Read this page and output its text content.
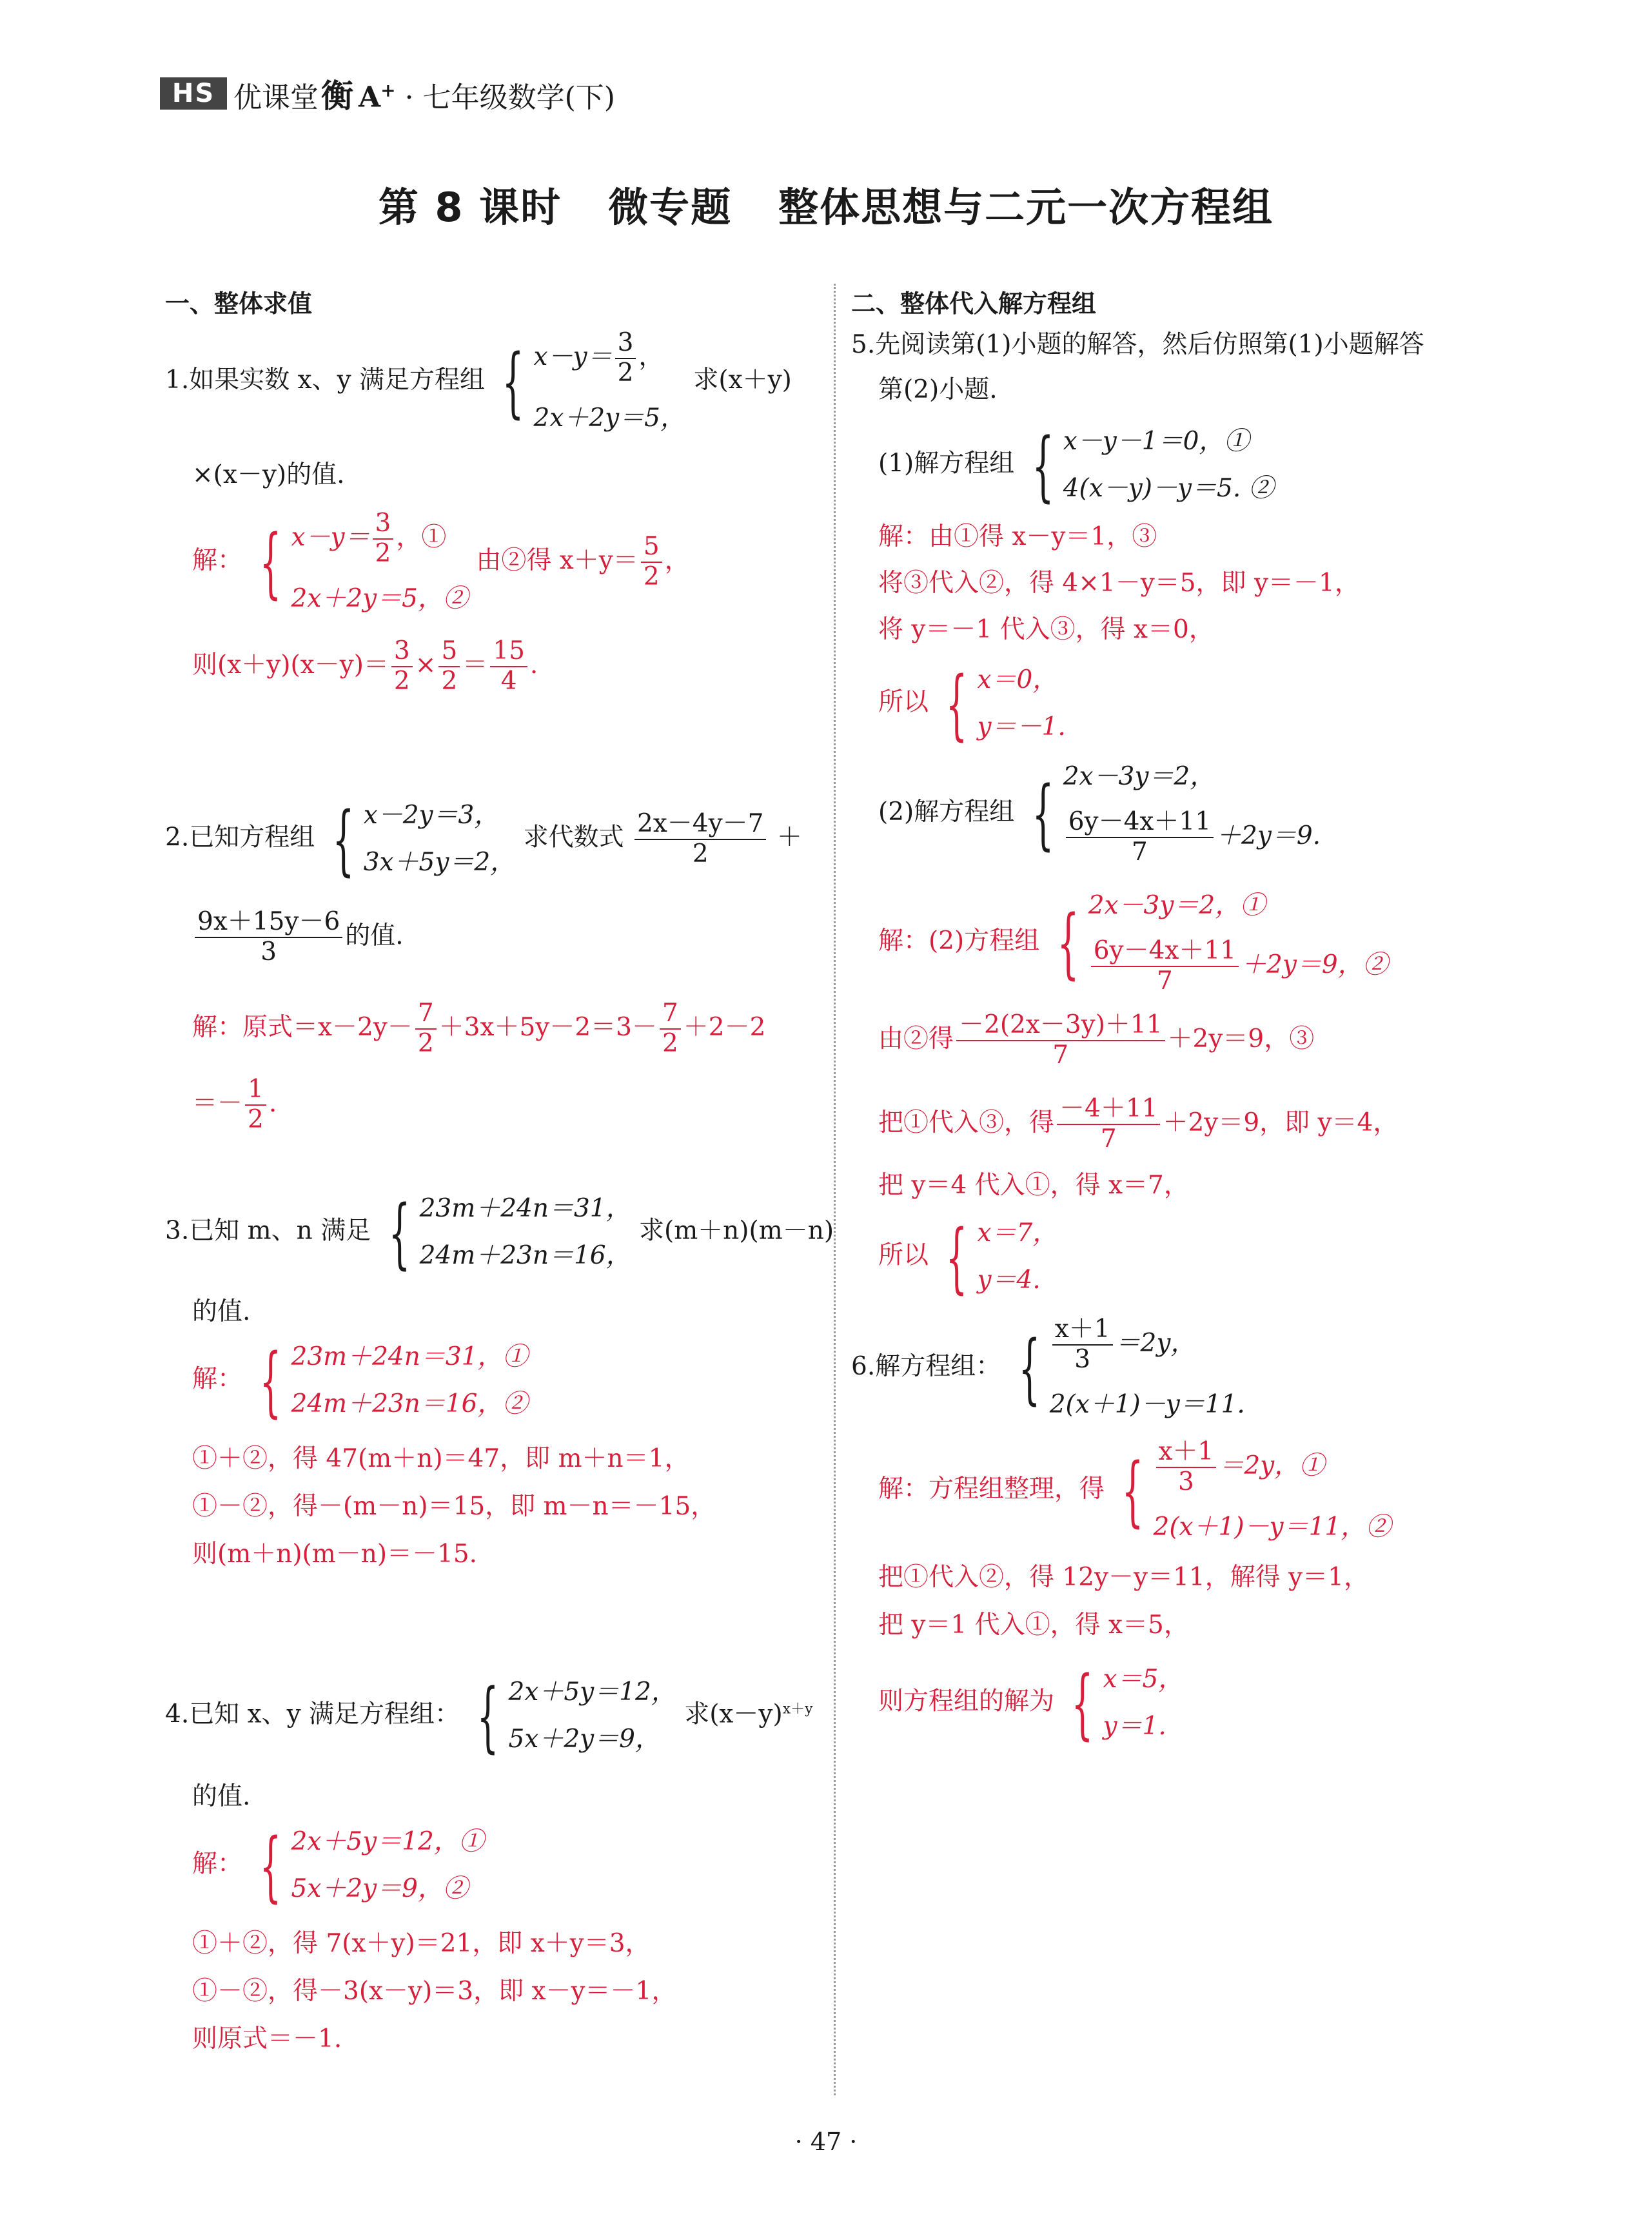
HS 优课堂 衡 A+ · 七年级数学(下)
第 8 课时 微专题 整体思想与二元一次方程组
一、整体求值
1.如果实数 x、y 满足方程组 { $x-y= \frac{3}{2}$ ，
2x＋2y＝5，
求(x＋y)
×(x－y)的值.
解： { $x-y= \frac{3}{2}$ ，①
2x＋2y＝5，②
由②得 $x+y= \frac{5}{2}$ ，
则$(x+y)(x-y)= \frac{3}{2} \times \frac{5}{2} = \frac{15}{4}$ .
2.已知方程组 { x－2y＝3，
3x＋5y＝2，
求代数式 $\frac{2x-4y-7}{2}$ ＋
$\frac{9x+15y-6}{3}$ 的值.
解：原式$=x-2y- \frac{7}{2} +3x+5y-2=3- \frac{7}{2} +2-2$
＝－ $\frac{1}{2}$ .
3.已知 m、n 满足 { 23m＋24n＝31，
24m＋23n＝16，
求(m＋n)(m－n)
的值.
解： { 23m＋24n＝31，①
24m＋23n＝16，②
①＋②，得 47(m＋n)＝47，即 m＋n＝1，
①－②，得－(m－n)＝15，即 m－n＝－15，
则(m＋n)(m－n)＝－15.
4.已知 x、y 满足方程组： { 2x＋5y＝12，
5x＋2y＝9，
求$(x-y)^{x+y}$
的值.
解： { 2x＋5y＝12，①
5x＋2y＝9，②
①＋②，得 7(x＋y)＝21，即 x＋y＝3，
①－②，得－3(x－y)＝3，即 x－y＝－1，
则原式＝－1.
二、整体代入解方程组
5.先阅读第(1)小题的解答，然后仿照第(1)小题解答
第(2)小题.
(1)解方程组 { x－y－1＝0，①
4(x－y)－y＝5. ②
解：由①得 x－y＝1，③
将③代入②，得 4×1－y＝5，即 y＝－1，
将 y＝－1 代入③，得 x＝0，
所以 { x＝0，
y＝－1.
(2)解方程组 { 2x－3y＝2，
$\frac{6y-4x+11}{7} +2y=9$.
解：(2)方程组 { 2x－3y＝2，①
$\frac{6y-4x+11}{7} +2y=9$，②
由②得 $\frac{-2(2x-3y)+11}{7} +2y=9$，③
把①代入③，得 $\frac{-4+11}{7} +2y=9$，即 y＝4，
把 y＝4 代入①，得 x＝7，
所以 { x＝7，
y＝4.
6.解方程组： { $\frac{x+1}{3} =2y$，
2(x＋1)－y＝11.
解：方程组整理，得 { $\frac{x+1}{3} =2y$，①
2(x＋1)－y＝11，②
把①代入②，得 12y－y＝11，解得 y＝1，
把 y＝1 代入①，得 x＝5，
则方程组的解为 { x＝5，
y＝1.
· 47 ·
